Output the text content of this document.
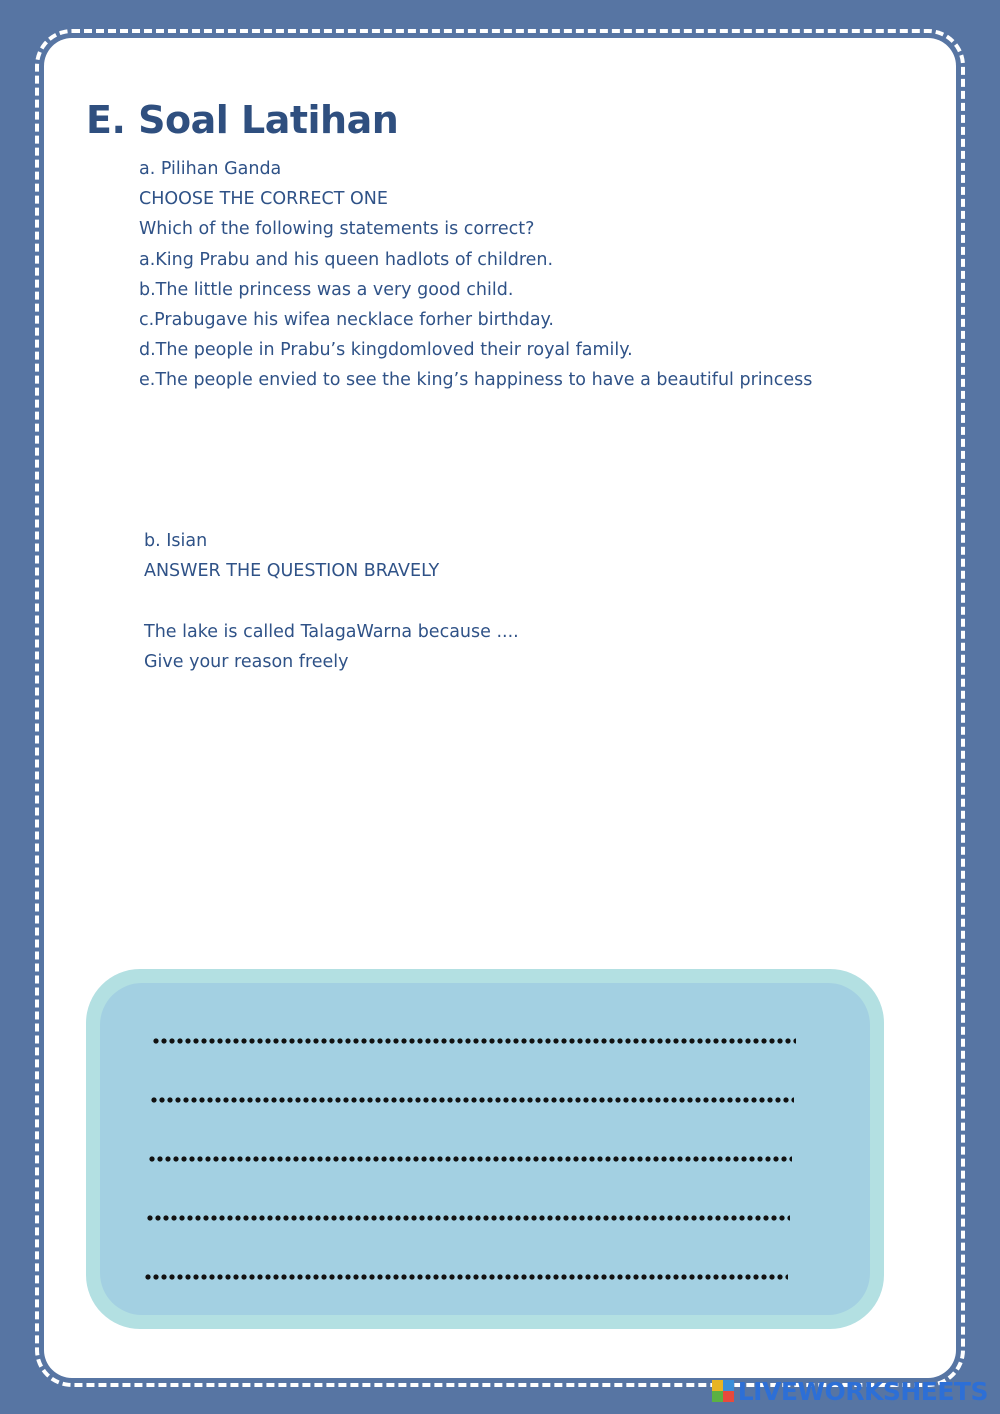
E. Soal Latihan
a. Pilihan Ganda
CHOOSE THE CORRECT ONE
Which of the following statements is correct?
a.King Prabu and his queen hadlots of children.
b.The little princess was a very good child.
c.Prabugave his wifea necklace forher birthday.
d.The people in Prabu’s kingdomloved their royal family.
e.The people envied to see the king’s happiness to have a beautiful princess
b. Isian
ANSWER THE QUESTION BRAVELY
The lake is called TalagaWarna because ....
Give your reason freely
LIVEWORKSHEETS
